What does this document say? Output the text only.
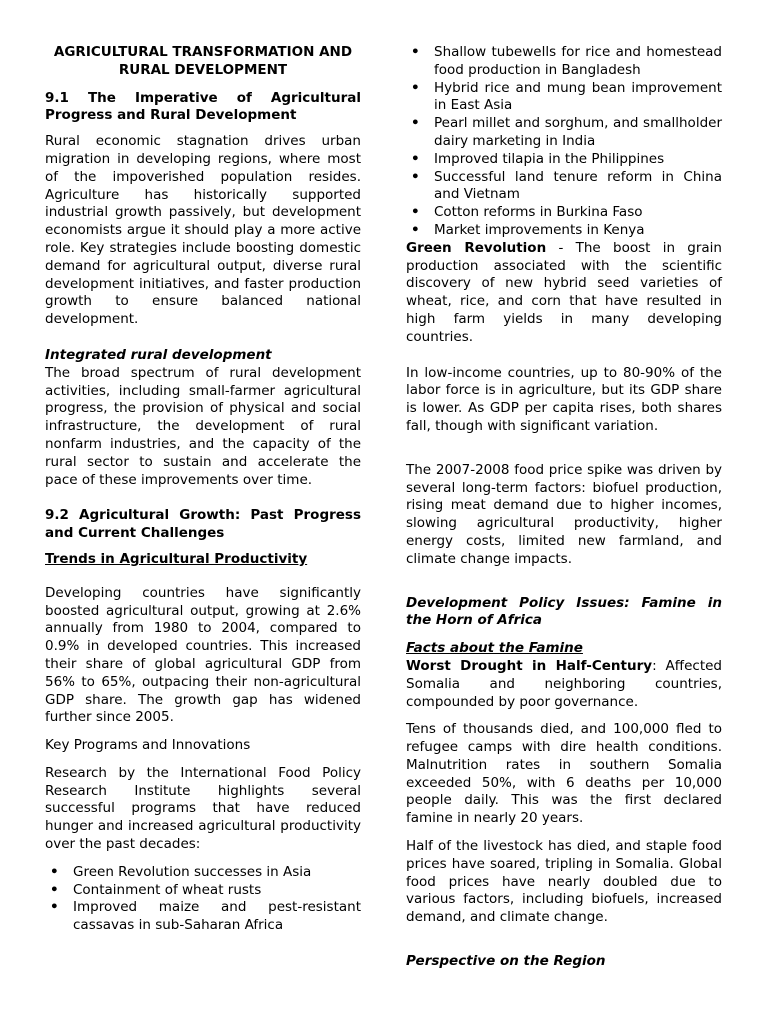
AGRICULTURAL TRANSFORMATION AND RURAL DEVELOPMENT

9.1 The Imperative of Agricultural Progress and Rural Development

Rural economic stagnation drives urban migration in developing regions, where most of the impoverished population resides. Agriculture has historically supported industrial growth passively, but development economists argue it should play a more active role. Key strategies include boosting domestic demand for agricultural output, diverse rural development initiatives, and faster production growth to ensure balanced national development.

Integrated rural development

The broad spectrum of rural development activities, including small-farmer agricultural progress, the provision of physical and social infrastructure, the development of rural nonfarm industries, and the capacity of the rural sector to sustain and accelerate the pace of these improvements over time.

9.2 Agricultural Growth: Past Progress and Current Challenges

Trends in Agricultural Productivity

Developing countries have significantly boosted agricultural output, growing at 2.6% annually from 1980 to 2004, compared to 0.9% in developed countries. This increased their share of global agricultural GDP from 56% to 65%, outpacing their non-agricultural GDP share. The growth gap has widened further since 2005.

Key Programs and Innovations

Research by the International Food Policy Research Institute highlights several successful programs that have reduced hunger and increased agricultural productivity over the past decades:

• Green Revolution successes in Asia
• Containment of wheat rusts
• Improved maize and pest-resistant cassavas in sub-Saharan Africa
• Shallow tubewells for rice and homestead food production in Bangladesh
• Hybrid rice and mung bean improvement in East Asia
• Pearl millet and sorghum, and smallholder dairy marketing in India
• Improved tilapia in the Philippines
• Successful land tenure reform in China and Vietnam
• Cotton reforms in Burkina Faso
• Market improvements in Kenya

Green Revolution - The boost in grain production associated with the scientific discovery of new hybrid seed varieties of wheat, rice, and corn that have resulted in high farm yields in many developing countries.

In low-income countries, up to 80-90% of the labor force is in agriculture, but its GDP share is lower. As GDP per capita rises, both shares fall, though with significant variation.

The 2007-2008 food price spike was driven by several long-term factors: biofuel production, rising meat demand due to higher incomes, slowing agricultural productivity, higher energy costs, limited new farmland, and climate change impacts.

Development Policy Issues: Famine in the Horn of Africa

Facts about the Famine

Worst Drought in Half-Century: Affected Somalia and neighboring countries, compounded by poor governance.

Tens of thousands died, and 100,000 fled to refugee camps with dire health conditions. Malnutrition rates in southern Somalia exceeded 50%, with 6 deaths per 10,000 people daily. This was the first declared famine in nearly 20 years.

Half of the livestock has died, and staple food prices have soared, tripling in Somalia. Global food prices have nearly doubled due to various factors, including biofuels, increased demand, and climate change.

Perspective on the Region
